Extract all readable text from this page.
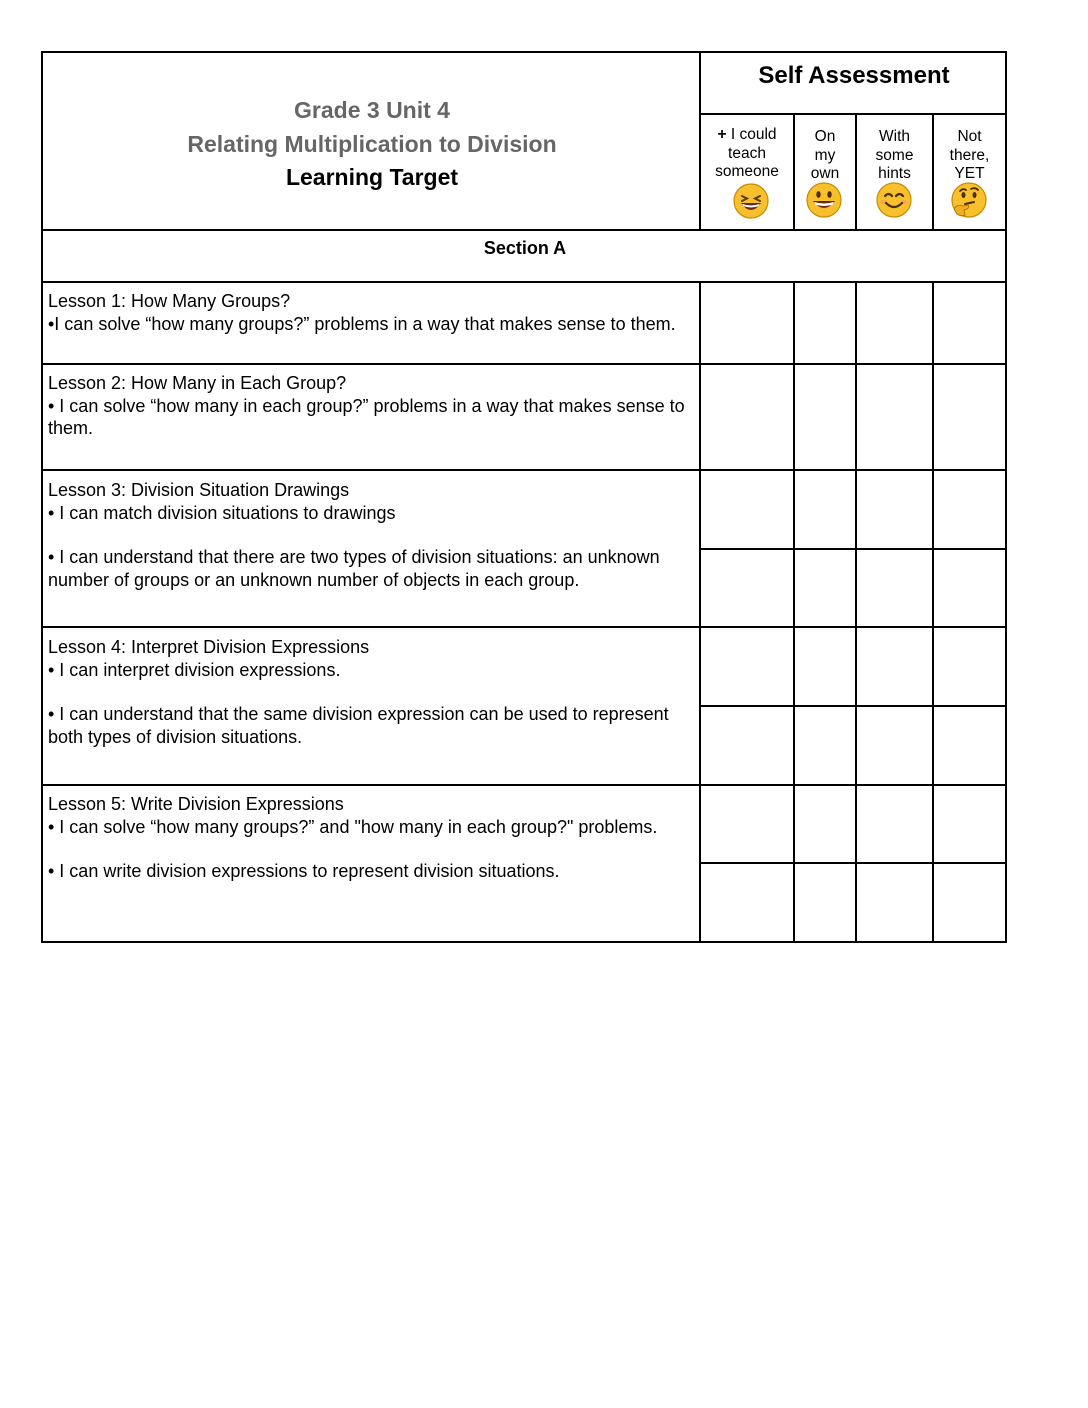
Grade 3 Unit 4
Relating Multiplication to Division
Learning Target
Self Assessment
+ I could
teach
someone
On
my
own
With
some
hints
Not
there,
YET
Section A

Lesson 1: How Many Groups?

•I can solve “how many groups?” problems in a way that makes sense to them.

Lesson 2: How Many in Each Group?

• I can solve “how many in each group?” problems in a way that makes sense to them.

Lesson 3: Division Situation Drawings

• I can match division situations to drawings

• I can understand that there are two types of division situations: an unknown number of groups or an unknown number of objects in each group.

Lesson 4: Interpret Division Expressions

• I can interpret division expressions.

• I can understand that the same division expression can be used to represent both types of division situations.

Lesson 5: Write Division Expressions

• I can solve “how many groups?” and "how many in each group?" problems.

• I can write division expressions to represent division situations.
